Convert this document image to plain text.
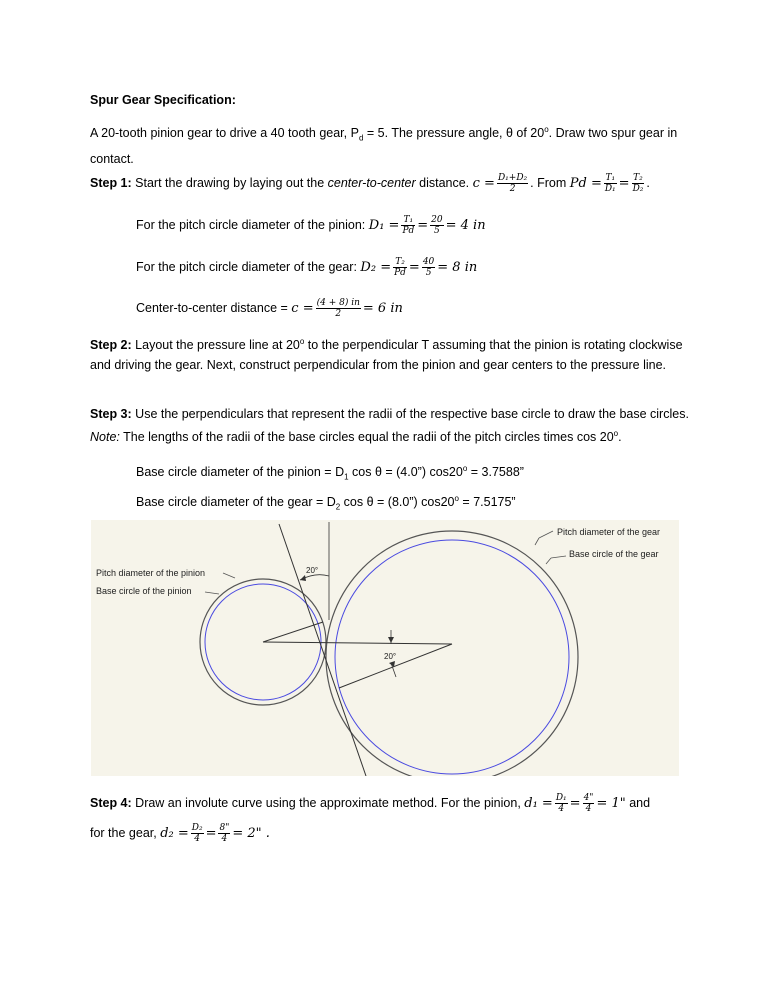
Spur Gear Specification:

A 20-tooth pinion gear to drive a 40 tooth gear, $P_d = 5$. The pressure angle, θ of 20$^o$. Draw two spur gear in contact.

Step 1: Start the drawing by laying out the center-to-center distance. $c = \frac{\text{D₁+D₂}}{2}$ . From $Pd = \frac{\text{T₁}}{\text{D₁}} = \frac{\text{T₂}}{\text{D₂}}$ .

For the pitch circle diameter of the pinion: $D_1 = \frac{\text{T₁}}{Pd} = \frac{20}{5} = 4$ in

For the pitch circle diameter of the gear: $D_2 = \frac{\text{T₂}}{Pd} = \frac{40}{5} = 8$ in

Center-to-center distance = $c = \frac{(4 + 8) in}{2} = 6$ in

Step 2: Layout the pressure line at 20$^o$ to the perpendicular T assuming that the pinion is rotating clockwise and driving the gear. Next, construct perpendicular from the pinion and gear centers to the pressure line.

Step 3: Use the perpendiculars that represent the radii of the respective base circle to draw the base circles. Note: The lengths of the radii of the base circles equal the radii of the pitch circles times cos 20$^o$.

Base circle diameter of the pinion = $D_1$ cos θ = (4.0”) $\cos 20^o = 3.7588$”

Base circle diameter of the gear = $D_2$ cos θ = (8.0”) $\cos 20^o = 7.5175$”

Pitch diameter of the gear
Base circle of the gear
Pitch diameter of the pinion
Base circle of the pinion
20°
20°

Step 4: Draw an involute curve using the approximate method. For the pinion, $d_1 = \frac{\text{D₁}}{4} = \frac{4"}{4} = 1$" and

for the gear, $d_2 = \frac{\text{D₂}}{4} = \frac{8"}{4} = 2$" .
